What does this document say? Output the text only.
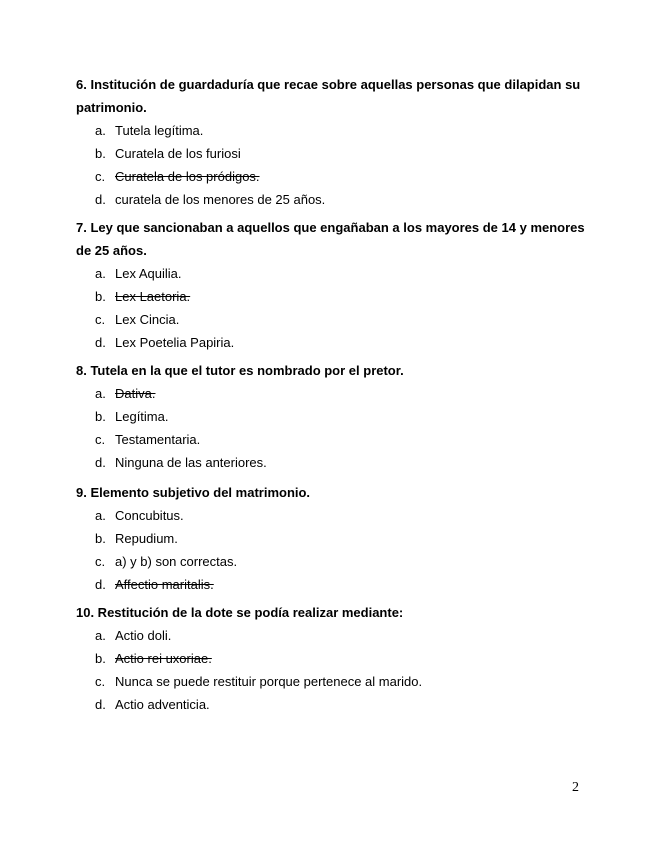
6. Institución de guardaduría que recae sobre aquellas personas que dilapidan su patrimonio.

a. Tutela legítima.
b. Curatela de los furiosi
c. Curatela de los pródigos.
d. curatela de los menores de 25 años.

7. Ley que sancionaban a aquellos que engañaban a los mayores de 14 y menores de 25 años.

a. Lex Aquilia.
b. Lex Laetoria.
c. Lex Cincia.
d. Lex Poetelia Papiria.

8. Tutela en la que el tutor es nombrado por el pretor.

a. Dativa.
b. Legítima.
c. Testamentaria.
d. Ninguna de las anteriores.

9. Elemento subjetivo del matrimonio.

a. Concubitus.
b. Repudium.
c. a) y b) son correctas.
d. Affectio maritalis.

10. Restitución de la dote se podía realizar mediante:

a. Actio doli.
b. Actio rei uxoriae.
c. Nunca se puede restituir porque pertenece al marido.
d. Actio adventicia.
2
